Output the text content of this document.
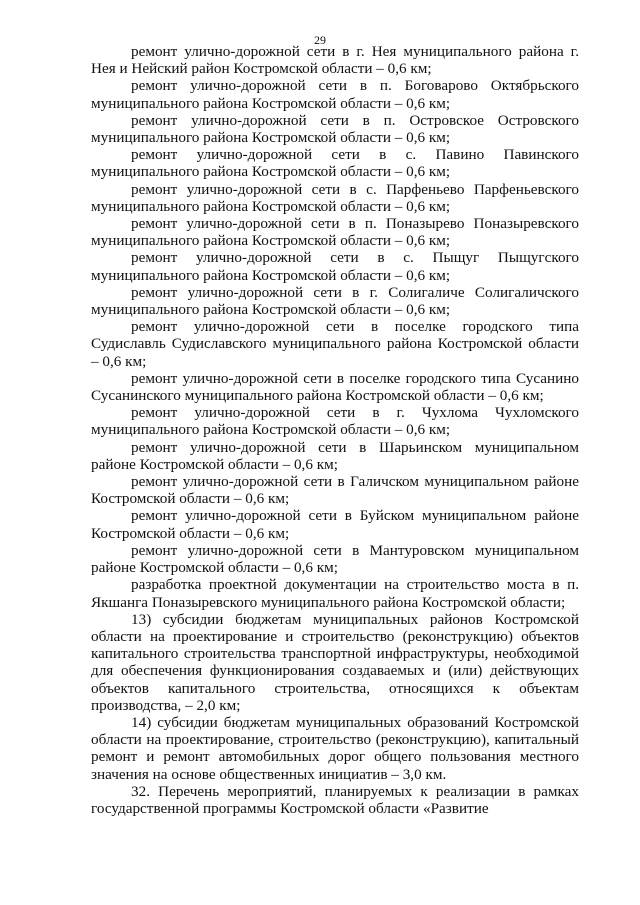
29

ремонт улично-дорожной сети в г. Нея муниципального района г. Нея и Нейский район Костромской области – 0,6 км;

ремонт улично-дорожной сети в п. Боговарово Октябрьского муниципального района Костромской области – 0,6 км;

ремонт улично-дорожной сети в п. Островское Островского муниципального района Костромской области – 0,6 км;

ремонт улично-дорожной сети в с. Павино Павинского муниципального района Костромской области – 0,6 км;

ремонт улично-дорожной сети в с. Парфеньево Парфеньевского муниципального района Костромской области – 0,6 км;

ремонт улично-дорожной сети в п. Поназырево Поназыревского муниципального района Костромской области – 0,6 км;

ремонт улично-дорожной сети в с. Пыщуг Пыщугского муниципального района Костромской области – 0,6 км;

ремонт улично-дорожной сети в г. Солигаличе Солигаличского муниципального района Костромской области – 0,6 км;

ремонт улично-дорожной сети в поселке городского типа Судиславль Судиславского муниципального района Костромской области – 0,6 км;

ремонт улично-дорожной сети в поселке городского типа Сусанино Сусанинского муниципального района Костромской области – 0,6 км;

ремонт улично-дорожной сети в г. Чухлома Чухломского муниципального района Костромской области – 0,6 км;

ремонт улично-дорожной сети в Шарьинском муниципальном районе Костромской области – 0,6 км;

ремонт улично-дорожной сети в Галичском муниципальном районе Костромской области – 0,6 км;

ремонт улично-дорожной сети в Буйском муниципальном районе Костромской области – 0,6 км;

ремонт улично-дорожной сети в Мантуровском муниципальном районе Костромской области – 0,6 км;

разработка проектной документации на строительство моста в п. Якшанга Поназыревского муниципального района Костромской области;

13) субсидии бюджетам муниципальных районов Костромской области на проектирование и строительство (реконструкцию) объектов капитального строительства транспортной инфраструктуры, необходимой для обеспечения функционирования создаваемых и (или) действующих объектов капитального строительства, относящихся к объектам производства, – 2,0 км;

14) субсидии бюджетам муниципальных образований Костромской области на проектирование, строительство (реконструкцию), капитальный ремонт и ремонт автомобильных дорог общего пользования местного значения на основе общественных инициатив – 3,0 км.

32. Перечень мероприятий, планируемых к реализации в рамках государственной программы Костромской области «Развитие
